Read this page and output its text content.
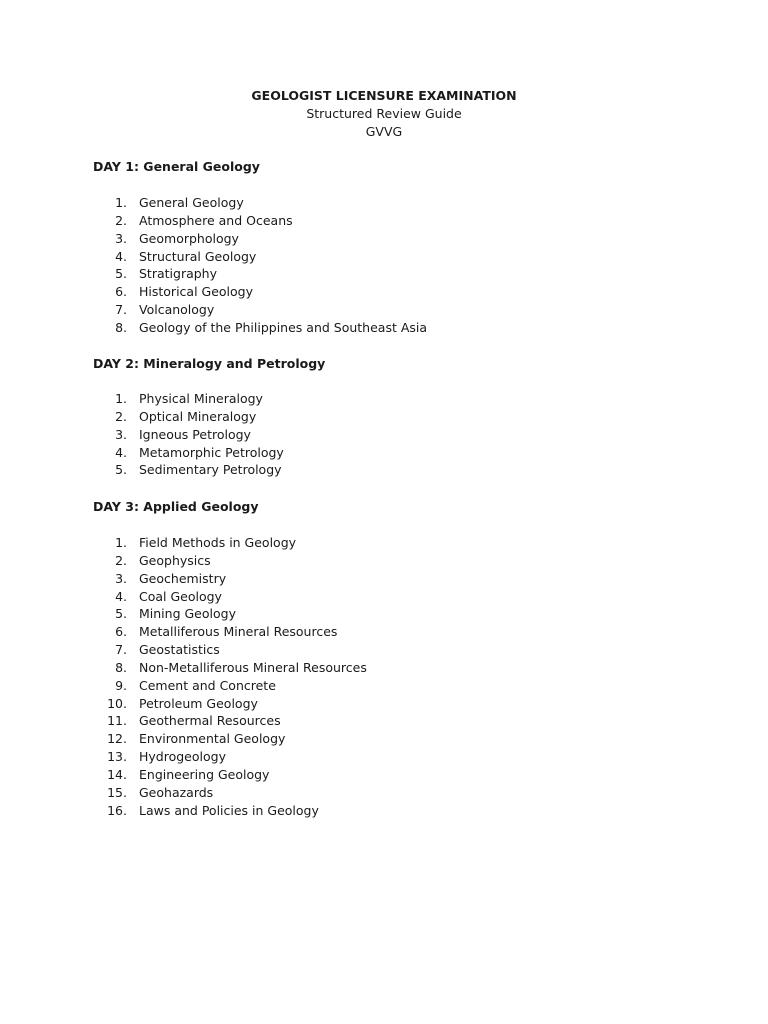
GEOLOGIST LICENSURE EXAMINATION
Structured Review Guide
GVVG
DAY 1: General Geology
1. General Geology
2. Atmosphere and Oceans
3. Geomorphology
4. Structural Geology
5. Stratigraphy
6. Historical Geology
7. Volcanology
8. Geology of the Philippines and Southeast Asia
DAY 2: Mineralogy and Petrology
1. Physical Mineralogy
2. Optical Mineralogy
3. Igneous Petrology
4. Metamorphic Petrology
5. Sedimentary Petrology
DAY 3: Applied Geology
1. Field Methods in Geology
2. Geophysics
3. Geochemistry
4. Coal Geology
5. Mining Geology
6. Metalliferous Mineral Resources
7. Geostatistics
8. Non-Metalliferous Mineral Resources
9. Cement and Concrete
10. Petroleum Geology
11. Geothermal Resources
12. Environmental Geology
13. Hydrogeology
14. Engineering Geology
15. Geohazards
16. Laws and Policies in Geology
